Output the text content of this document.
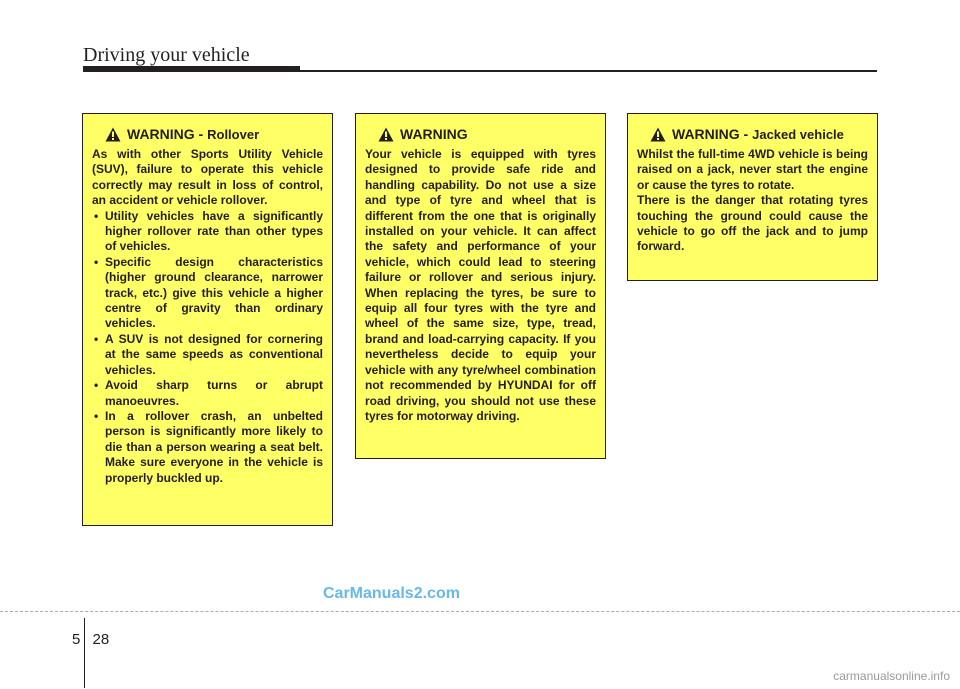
Driving your vehicle
WARNING - Rollover

As with other Sports Utility Vehicle (SUV), failure to operate this vehicle correctly may result in loss of control, an accident or vehicle rollover.

• Utility vehicles have a significantly higher rollover rate than other types of vehicles.
• Specific design characteristics (higher ground clearance, narrower track, etc.) give this vehicle a higher centre of gravity than ordinary vehicles.
• A SUV is not designed for cornering at the same speeds as conventional vehicles.
• Avoid sharp turns or abrupt manoeuvres.
• In a rollover crash, an unbelted person is significantly more likely to die than a person wearing a seat belt. Make sure everyone in the vehicle is properly buckled up.
WARNING

Your vehicle is equipped with tyres designed to provide safe ride and handling capability. Do not use a size and type of tyre and wheel that is different from the one that is originally installed on your vehicle. It can affect the safety and performance of your vehicle, which could lead to steering failure or rollover and serious injury. When replacing the tyres, be sure to equip all four tyres with the tyre and wheel of the same size, type, tread, brand and load-carrying capacity. If you nevertheless decide to equip your vehicle with any tyre/wheel combination not recommended by HYUNDAI for off road driving, you should not use these tyres for motorway driving.

WARNING - Jacked vehicle

Whilst the full-time 4WD vehicle is being raised on a jack, never start the engine or cause the tyres to rotate.

There is the danger that rotating tyres touching the ground could cause the vehicle to go off the jack and to jump forward.

CarManuals2.com
5 28
carmanualsonline.info
